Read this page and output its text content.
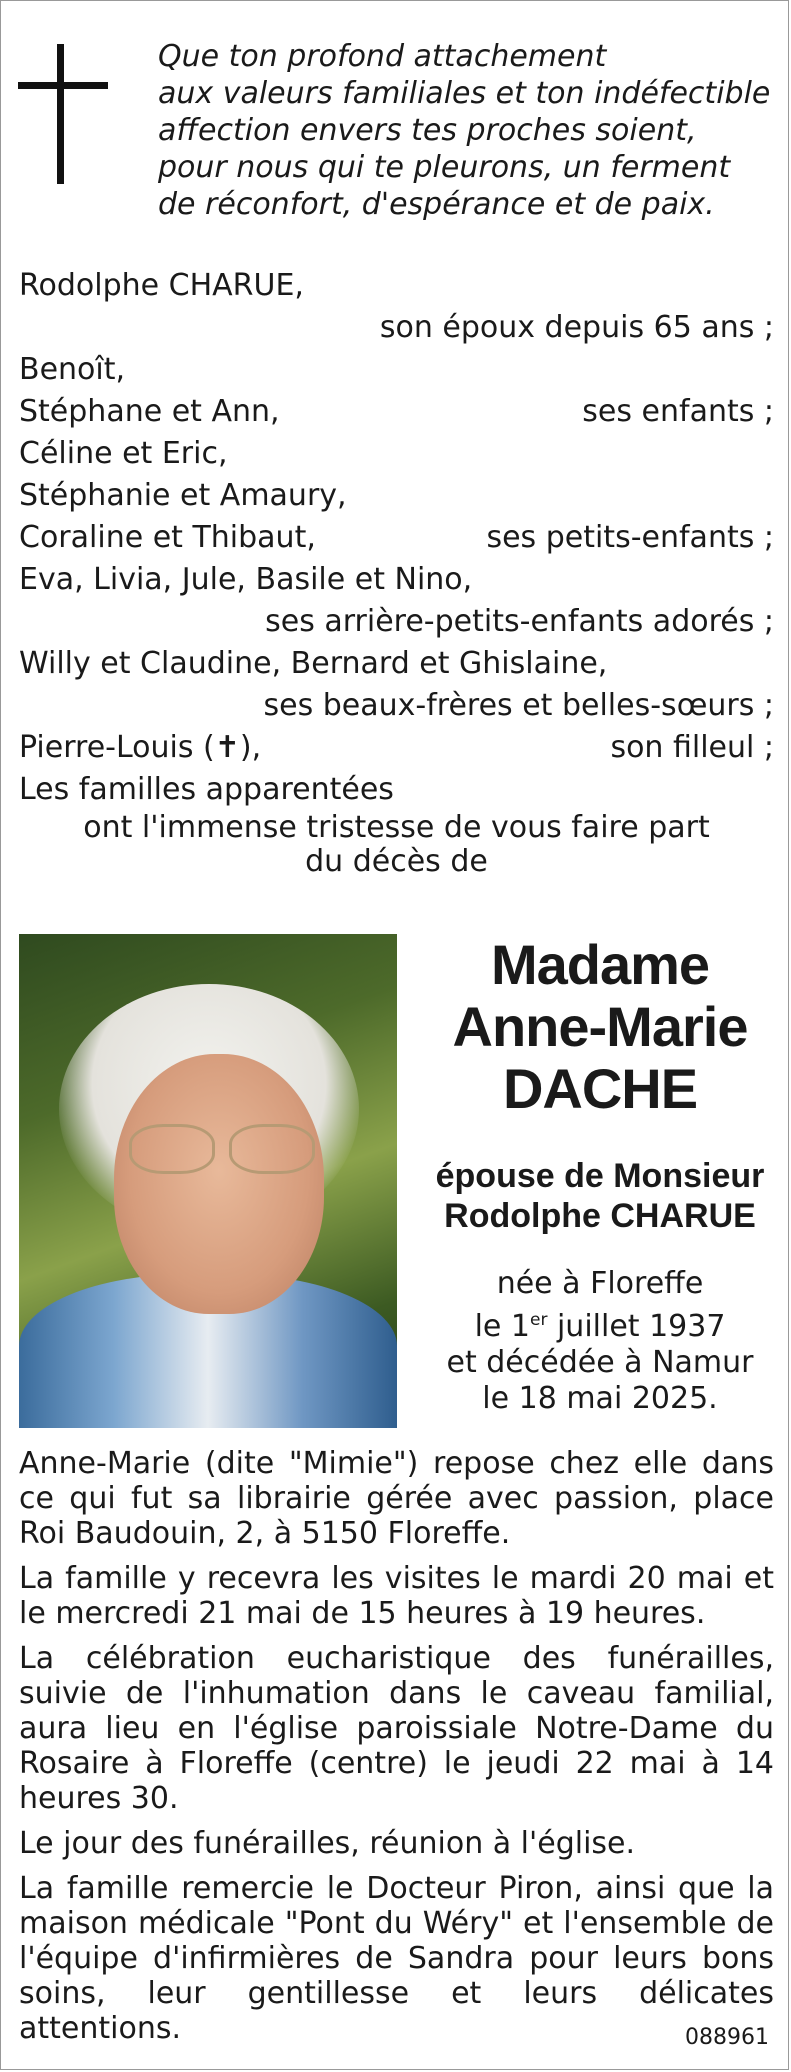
Que ton profond attachement
aux valeurs familiales et ton indéfectible
affection envers tes proches soient,
pour nous qui te pleurons, un ferment
de réconfort, d'espérance et de paix.
Rodolphe CHARUE,
son époux depuis 65 ans ;
Benoît,
Stéphane et Ann,	ses enfants ;
Céline et Eric,
Stéphanie et Amaury,
Coraline et Thibaut,	ses petits-enfants ;
Eva, Livia, Jule, Basile et Nino,
ses arrière-petits-enfants adorés ;
Willy et Claudine, Bernard et Ghislaine,
ses beaux-frères et belles-sœurs ;
Pierre-Louis (✝),	son filleul ;
Les familles apparentées
ont l'immense tristesse de vous faire part
du décès de
Madame
Anne-Marie
DACHE
épouse de Monsieur
Rodolphe CHARUE
née à Floreffe
le 1er juillet 1937
et décédée à Namur
le 18 mai 2025.

Anne-Marie (dite "Mimie") repose chez elle dans ce qui fut sa librairie gérée avec passion, place Roi Baudouin, 2, à 5150 Floreffe.

La famille y recevra les visites le mardi 20 mai et le mercredi 21 mai de 15 heures à 19 heures.

La célébration eucharistique des funérailles, suivie de l'inhumation dans le caveau familial, aura lieu en l'église paroissiale Notre-Dame du Rosaire à Floreffe (centre) le jeudi 22 mai à 14 heures 30.

Le jour des funérailles, réunion à l'église.

La famille remercie le Docteur Piron, ainsi que la maison médicale "Pont du Wéry" et l'ensemble de l'équipe d'infirmières de Sandra pour leurs bons soins, leur gentillesse et leurs délicates attentions.	088961
